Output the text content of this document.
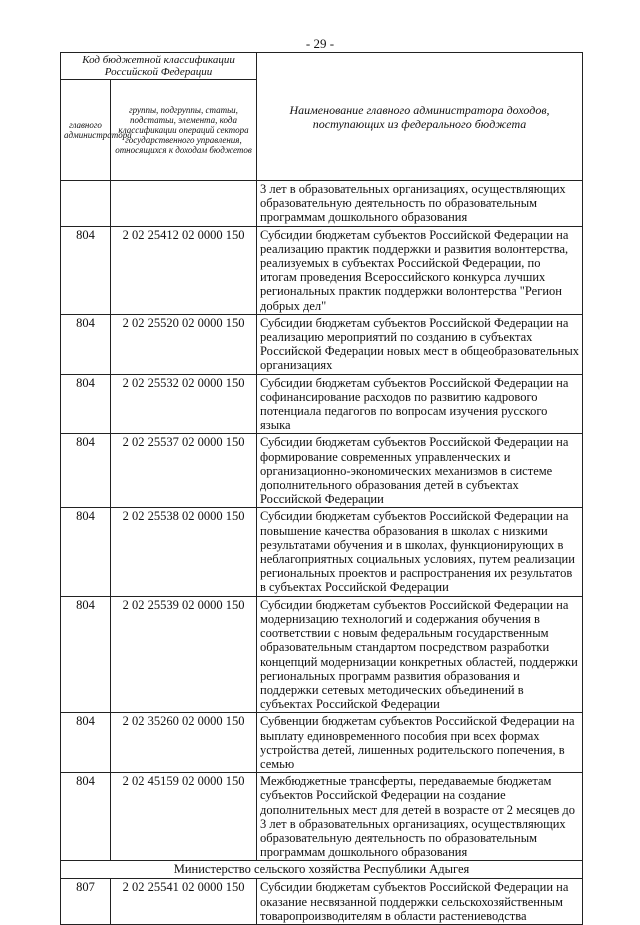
- 29 -
Код бюджетной классификации Российской Федерации		Наименование главного администратора доходов, поступающих из федерального бюджета
главного администратора	группы, подгруппы, статьи, подстатьи, элемента, кода классификации операций сектора государственного управления, относящихся к доходам бюджетов	
		3 лет в образовательных организациях, осуществляющих образовательную деятельность по образовательным программам дошкольного образования
804	2 02 25412 02 0000 150	Субсидии бюджетам субъектов Российской Федерации на реализацию практик поддержки и развития волонтерства, реализуемых в субъектах Российской Федерации, по итогам проведения Всероссийского конкурса лучших региональных практик поддержки волонтерства "Регион добрых дел"
804	2 02 25520 02 0000 150	Субсидии бюджетам субъектов Российской Федерации на реализацию мероприятий по созданию в субъектах Российской Федерации новых мест в общеобразовательных организациях
804	2 02 25532 02 0000 150	Субсидии бюджетам субъектов Российской Федерации на софинансирование расходов по развитию кадрового потенциала педагогов по вопросам изучения русского языка
804	2 02 25537 02 0000 150	Субсидии бюджетам субъектов Российской Федерации на формирование современных управленческих и организационно-экономических механизмов в системе дополнительного образования детей в субъектах Российской Федерации
804	2 02 25538 02 0000 150	Субсидии бюджетам субъектов Российской Федерации на повышение качества образования в школах с низкими результатами обучения и в школах, функционирующих в неблагоприятных социальных условиях, путем реализации региональных проектов и распространения их результатов в субъектах Российской Федерации
804	2 02 25539 02 0000 150	Субсидии бюджетам субъектов Российской Федерации на модернизацию технологий и содержания обучения в соответствии с новым федеральным государственным образовательным стандартом посредством разработки концепций модернизации конкретных областей, поддержки региональных программ развития образования и поддержки сетевых методических объединений в субъектах Российской Федерации
804	2 02 35260 02 0000 150	Субвенции бюджетам субъектов Российской Федерации на выплату единовременного пособия при всех формах устройства детей, лишенных родительского попечения, в семью
804	2 02 45159 02 0000 150	Межбюджетные трансферты, передаваемые бюджетам субъектов Российской Федерации на создание дополнительных мест для детей в возрасте от 2 месяцев до 3 лет в образовательных организациях, осуществляющих образовательную деятельность по образовательным программам дошкольного образования
Министерство сельского хозяйства Республики Адыгея		
807	2 02 25541 02 0000 150	Субсидии бюджетам субъектов Российской Федерации на оказание несвязанной поддержки сельскохозяйственным товаропроизводителям в области растениеводства
